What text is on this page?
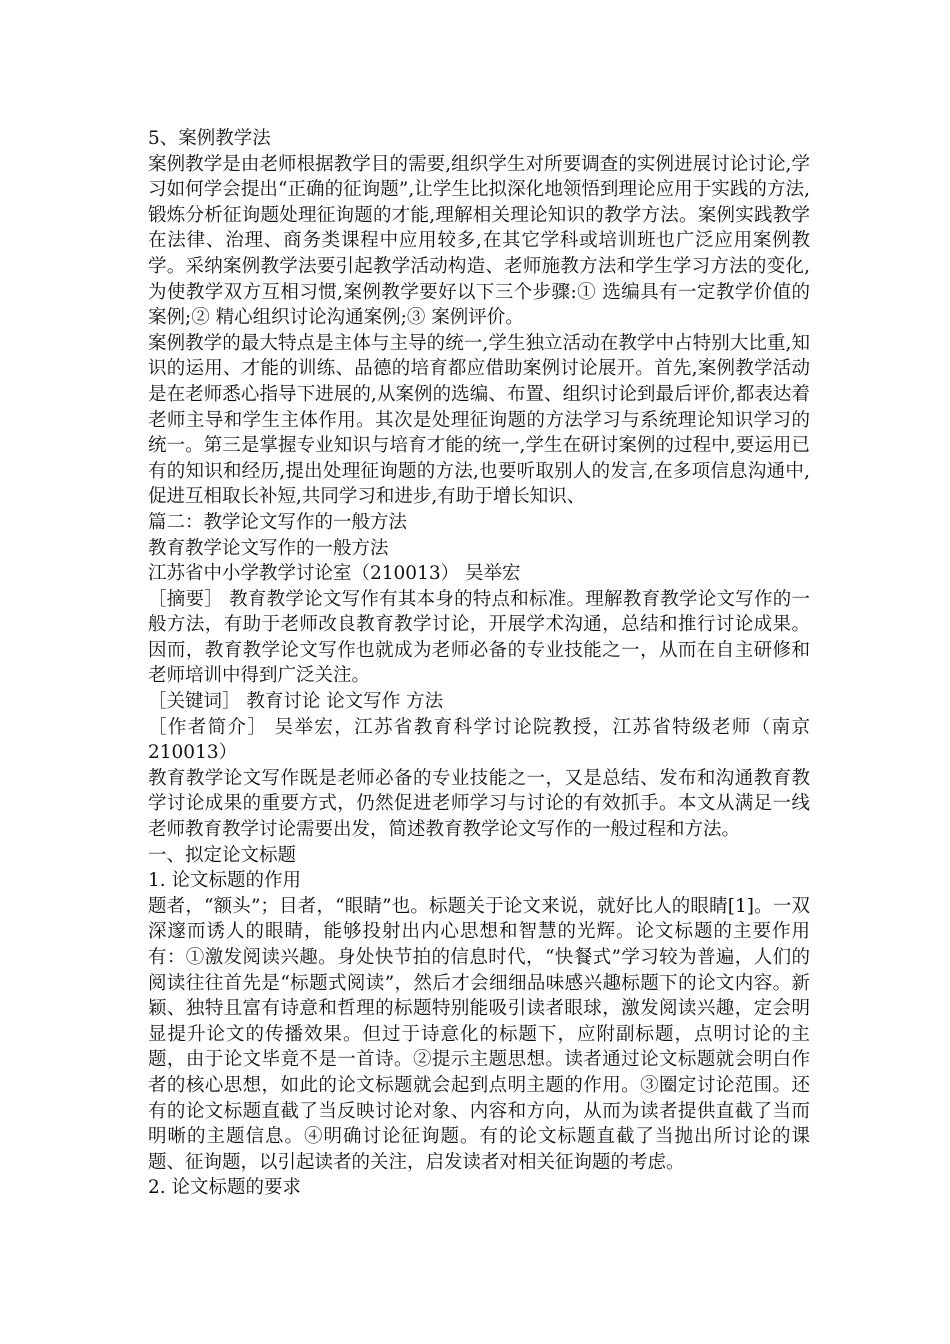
5、案例教学法

案例教学是由老师根据教学目的需要,组织学生对所要调查的实例进展讨论讨论,学习如何学会提出“正确的征询题”,让学生比拟深化地领悟到理论应用于实践的方法,锻炼分析征询题处理征询题的才能,理解相关理论知识的教学方法。案例实践教学在法律、治理、商务类课程中应用较多,在其它学科或培训班也广泛应用案例教学。采纳案例教学法要引起教学活动构造、老师施教方法和学生学习方法的变化,为使教学双方互相习惯,案例教学要好以下三个步骤:① 选编具有一定教学价值的案例;② 精心组织讨论沟通案例;③ 案例评价。

案例教学的最大特点是主体与主导的统一,学生独立活动在教学中占特别大比重,知识的运用、才能的训练、品德的培育都应借助案例讨论展开。首先,案例教学活动是在老师悉心指导下进展的,从案例的选编、布置、组织讨论到最后评价,都表达着老师主导和学生主体作用。其次是处理征询题的方法学习与系统理论知识学习的统一。第三是掌握专业知识与培育才能的统一,学生在研讨案例的过程中,要运用已有的知识和经历,提出处理征询题的方法,也要听取别人的发言,在多项信息沟通中,促进互相取长补短,共同学习和进步,有助于增长知识、

篇二：教学论文写作的一般方法

教育教学论文写作的一般方法

江苏省中小学教学讨论室（210013） 吴举宏

［摘要］ 教育教学论文写作有其本身的特点和标准。理解教育教学论文写作的一般方法，有助于老师改良教育教学讨论，开展学术沟通，总结和推行讨论成果。因而，教育教学论文写作也就成为老师必备的专业技能之一，从而在自主研修和老师培训中得到广泛关注。

［关键词］ 教育讨论 论文写作 方法

［作者简介］ 吴举宏，江苏省教育科学讨论院教授，江苏省特级老师（南京 210013）

教育教学论文写作既是老师必备的专业技能之一，又是总结、发布和沟通教育教学讨论成果的重要方式，仍然促进老师学习与讨论的有效抓手。本文从满足一线老师教育教学讨论需要出发，简述教育教学论文写作的一般过程和方法。

一、拟定论文标题

1. 论文标题的作用

题者，“额头”；目者，“眼睛”也。标题关于论文来说，就好比人的眼睛[1]。一双深邃而诱人的眼睛，能够投射出内心思想和智慧的光辉。论文标题的主要作用有：①激发阅读兴趣。身处快节拍的信息时代，“快餐式”学习较为普遍，人们的阅读往往首先是“标题式阅读”，然后才会细细品味感兴趣标题下的论文内容。新颖、独特且富有诗意和哲理的标题特别能吸引读者眼球，激发阅读兴趣，定会明显提升论文的传播效果。但过于诗意化的标题下，应附副标题，点明讨论的主题，由于论文毕竟不是一首诗。②提示主题思想。读者通过论文标题就会明白作者的核心思想，如此的论文标题就会起到点明主题的作用。③圈定讨论范围。还有的论文标题直截了当反映讨论对象、内容和方向，从而为读者提供直截了当而明晰的主题信息。④明确讨论征询题。有的论文标题直截了当抛出所讨论的课题、征询题，以引起读者的关注，启发读者对相关征询题的考虑。

2. 论文标题的要求
